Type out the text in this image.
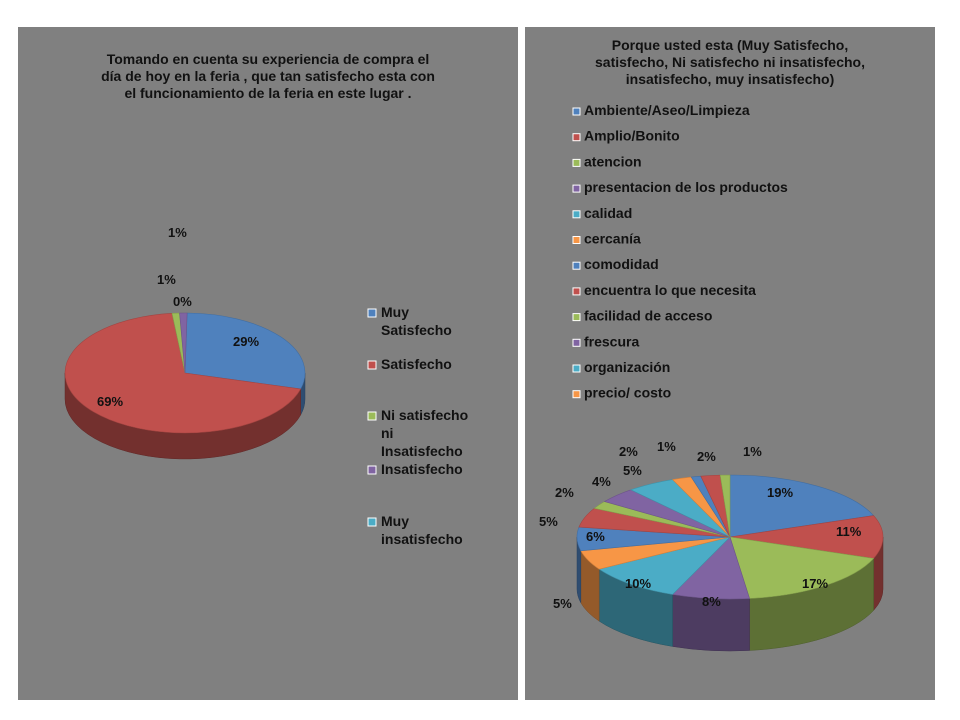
Tomando en cuenta su experiencia de compra el
día de hoy en la feria , que tan satisfecho esta con
el funcionamiento de la feria en este lugar .
29%
69%
1%
1%
0%
Muy
Satisfecho
Satisfecho
Ni satisfecho
ni
Insatisfecho
Insatisfecho
Muy
insatisfecho
Porque usted esta (Muy Satisfecho,
satisfecho, Ni satisfecho ni insatisfecho,
insatisfecho, muy insatisfecho)
Ambiente/Aseo/Limpieza
Amplio/Bonito
atencion
presentacion de los productos
calidad
cercanía
comodidad
encuentra lo que necesita
facilidad de acceso
frescura
organización
precio/ costo
19%
11%
17%
8%
10%
5%
6%
5%
2%
4%
5%
2% 1%
2% 1%
